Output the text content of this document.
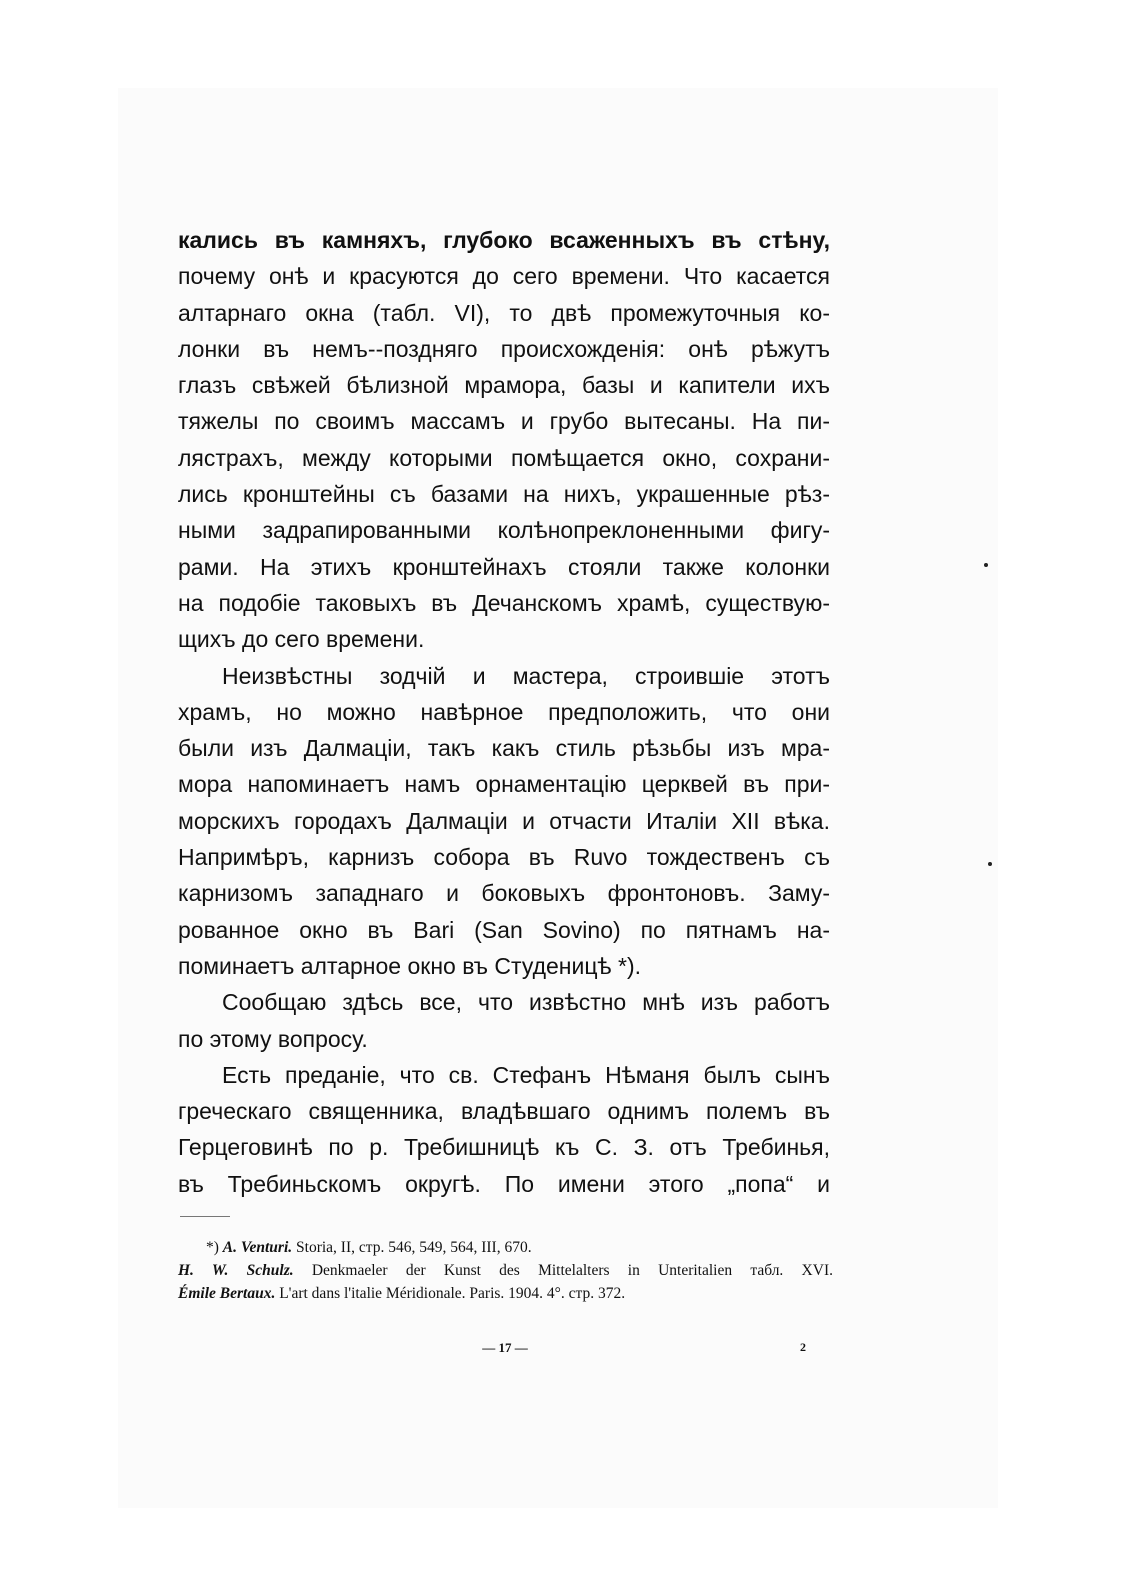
кались въ камняхъ, глубоко всаженныхъ въ стѣну,
почему онѣ и красуются до сего времени. Что касается
алтарнаго окна (табл. VI), то двѣ промежуточныя ко-
лонки въ немъ--поздняго происхожденія: онѣ рѣжутъ
глазъ свѣжей бѣлизной мрамора, базы и капители ихъ
тяжелы по своимъ массамъ и грубо вытесаны. На пи-
лястрахъ, между которыми помѣщается окно, сохрани-
лись кронштейны съ базами на нихъ, украшенные рѣз-
ными задрапированными колѣнопреклоненными фигу-
рами. На этихъ кронштейнахъ стояли также колонки
на подобіе таковыхъ въ Дечанскомъ храмѣ, существую-
щихъ до сего времени.
Неизвѣстны зодчій и мастера, строившіе этотъ
храмъ, но можно навѣрное предположить, что они
были изъ Далмаціи, такъ какъ стиль рѣзьбы изъ мра-
мора напоминаетъ намъ орнаментацію церквей въ при-
морскихъ городахъ Далмаціи и отчасти Италіи XII вѣка.
Напримѣръ, карнизъ собора въ Ruvo тождественъ съ
карнизомъ западнаго и боковыхъ фронтоновъ. Заму-
рованное окно въ Bari (San Sovino) по пятнамъ на-
поминаетъ алтарное окно въ Студеницѣ *).
Сообщаю здѣсь все, что извѣстно мнѣ изъ работъ
по этому вопросу.
Есть преданіе, что св. Стефанъ Нѣманя былъ сынъ
греческаго священника, владѣвшаго однимъ полемъ въ
Герцеговинѣ по р. Требишницѣ къ С. З. отъ Требинья,
въ Требиньскомъ округѣ. По имени этого „попа“ и
*) A. Venturi. Storia, II, стр. 546, 549, 564, III, 670.
H. W. Schulz. Denkmaeler der Kunst des Mittelalters in Unteritalien табл. XVI.
Émile Bertaux. L'art dans l'italie Méridionale. Paris. 1904. 4°. стр. 372.
— 17 —	2
